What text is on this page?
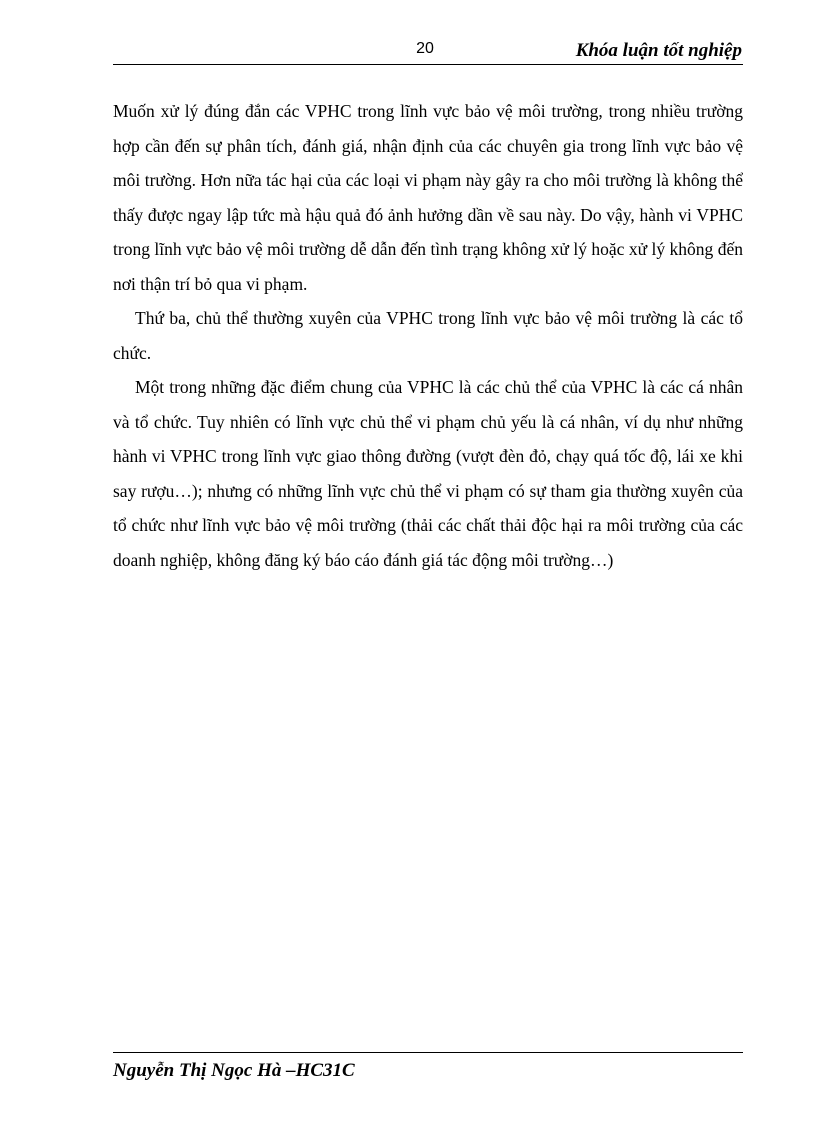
20	Khóa luận tốt nghiệp

Muốn xử lý đúng đắn các VPHC trong lĩnh vực bảo vệ môi trường, trong nhiều trường hợp cần đến sự phân tích, đánh giá, nhận định của các chuyên gia trong lĩnh vực bảo vệ môi trường. Hơn nữa tác hại của các loại vi phạm này gây ra cho môi trường là không thể thấy được ngay lập tức mà hậu quả đó ảnh hưởng dần về sau này. Do vậy, hành vi VPHC trong lĩnh vực bảo vệ môi trường dễ dẫn đến tình trạng không xử lý hoặc xử lý không đến nơi thận trí bỏ qua vi phạm.

Thứ ba, chủ thể thường xuyên của VPHC trong lĩnh vực bảo vệ môi trường là các tổ chức.

Một trong những đặc điểm chung của VPHC là các chủ thể của VPHC là các cá nhân và tổ chức. Tuy nhiên có lĩnh vực chủ thể vi phạm chủ yếu là cá nhân, ví dụ như những hành vi VPHC trong lĩnh vực giao thông đường (vượt đèn đỏ, chạy quá tốc độ, lái xe khi say rượu…); nhưng có những lĩnh vực chủ thể vi phạm có sự tham gia thường xuyên của tổ chức như lĩnh vực bảo vệ môi trường (thải các chất thải độc hại ra môi trường của các doanh nghiệp, không đăng ký báo cáo đánh giá tác động môi trường…)

Nguyễn Thị Ngọc Hà –HC31C
